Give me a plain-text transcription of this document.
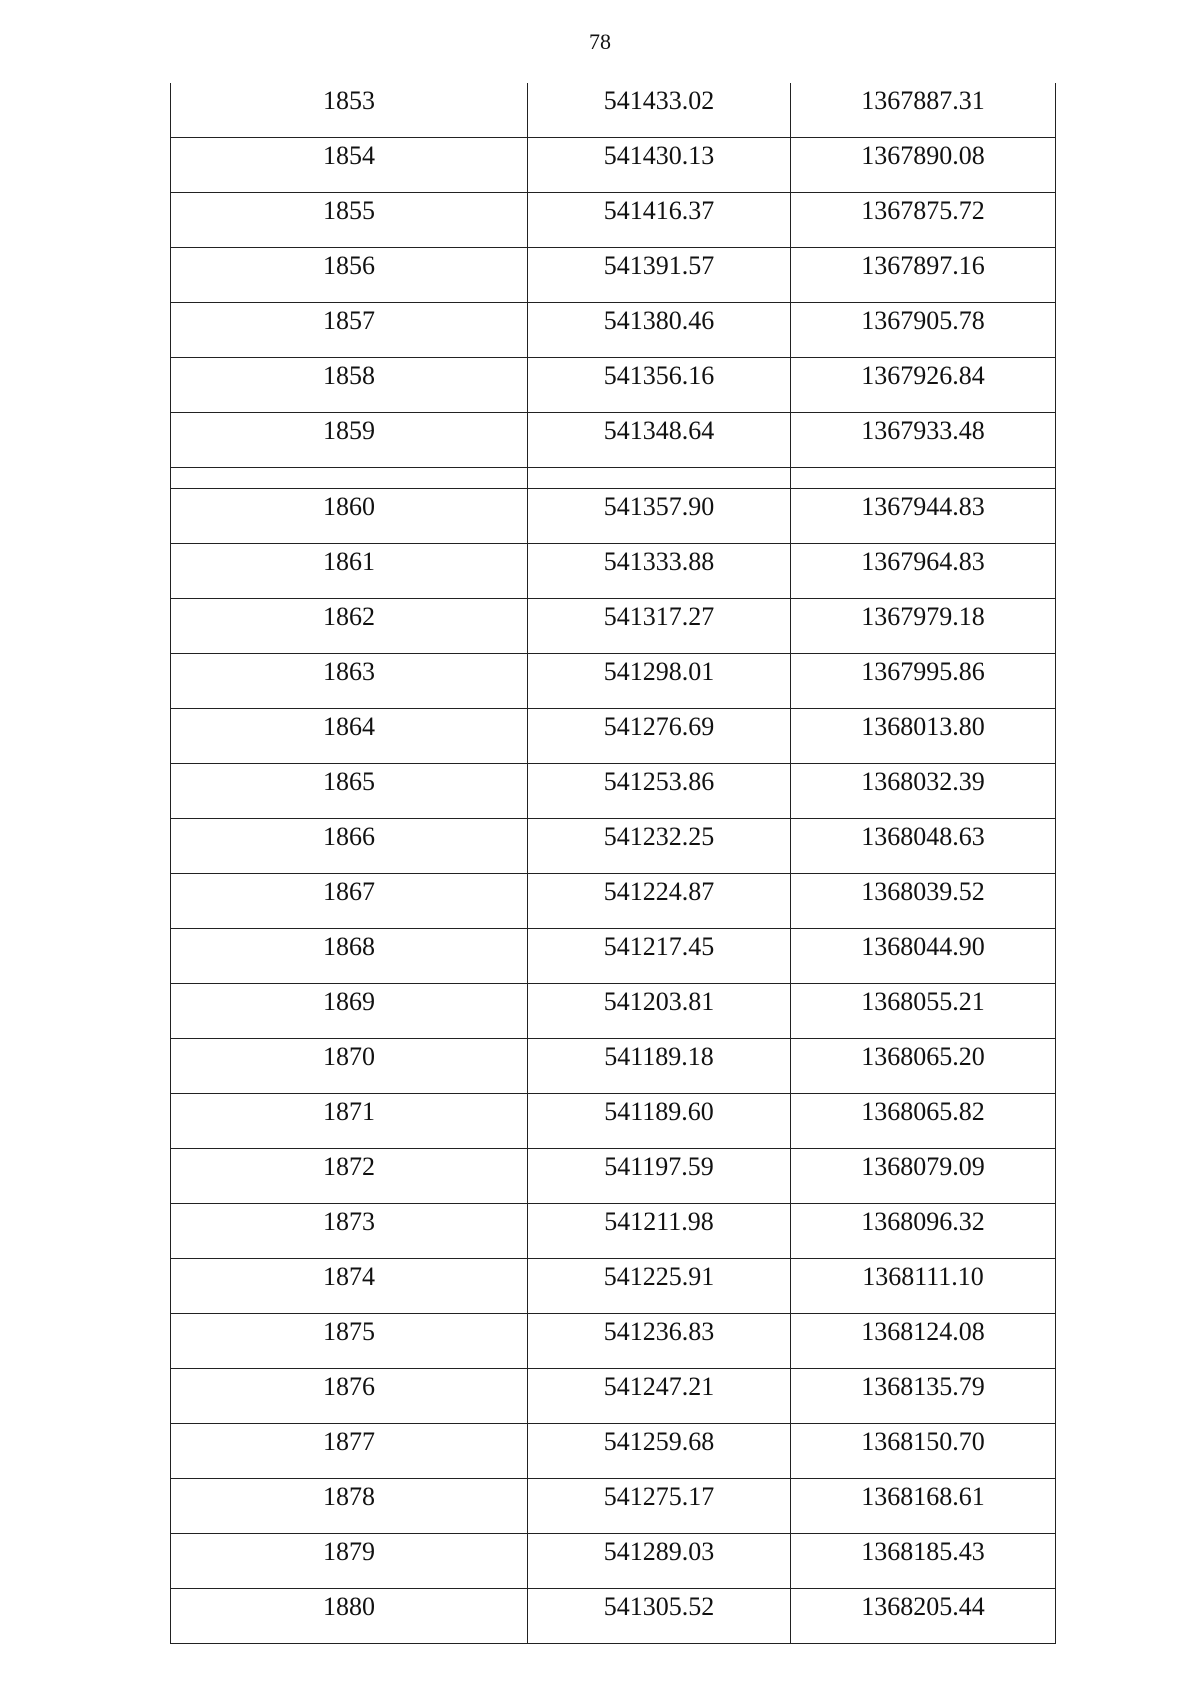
78
1853	541433.02	1367887.31
1854	541430.13	1367890.08
1855	541416.37	1367875.72
1856	541391.57	1367897.16
1857	541380.46	1367905.78
1858	541356.16	1367926.84
1859	541348.64	1367933.48

1860	541357.90	1367944.83
1861	541333.88	1367964.83
1862	541317.27	1367979.18
1863	541298.01	1367995.86
1864	541276.69	1368013.80
1865	541253.86	1368032.39
1866	541232.25	1368048.63
1867	541224.87	1368039.52
1868	541217.45	1368044.90
1869	541203.81	1368055.21
1870	541189.18	1368065.20
1871	541189.60	1368065.82
1872	541197.59	1368079.09
1873	541211.98	1368096.32
1874	541225.91	1368111.10
1875	541236.83	1368124.08
1876	541247.21	1368135.79
1877	541259.68	1368150.70
1878	541275.17	1368168.61
1879	541289.03	1368185.43
1880	541305.52	1368205.44
